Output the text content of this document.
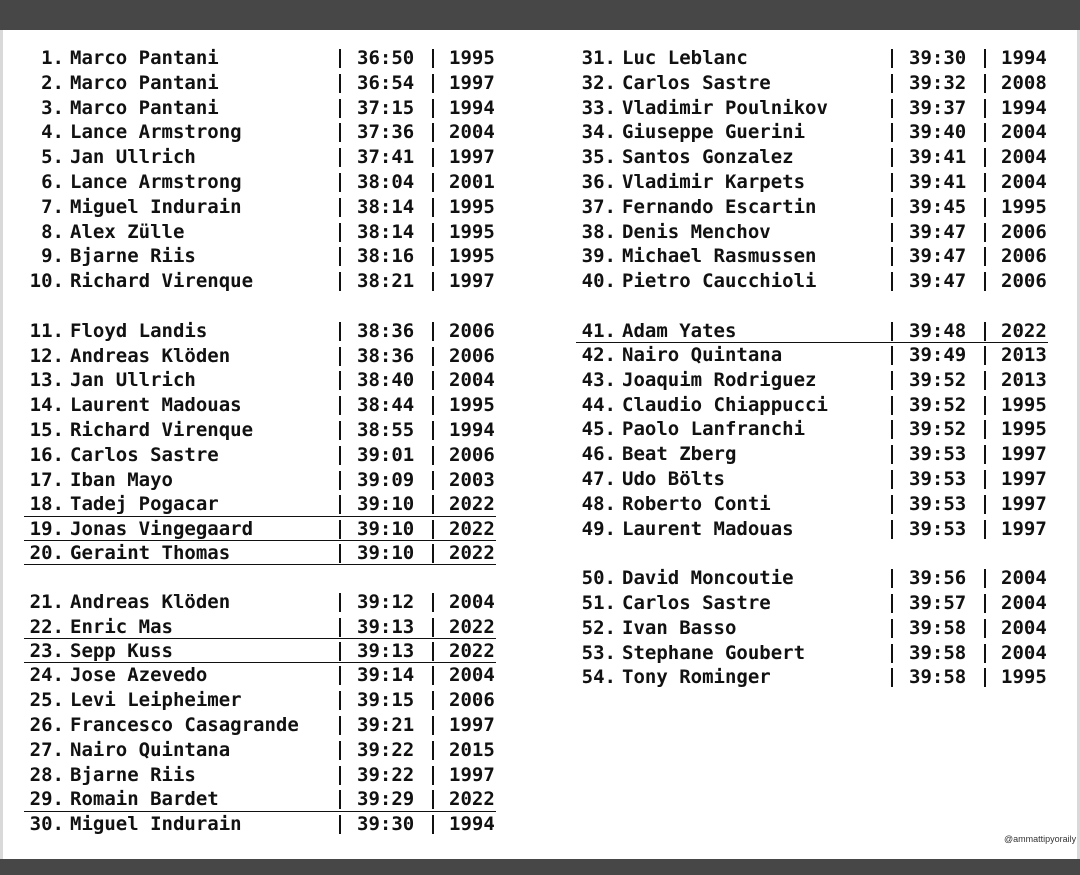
1. Marco Pantani	36:50 1995
2. Marco Pantani	36:54 1997
3. Marco Pantani	37:15 1994
4. Lance Armstrong	37:36 2004
5. Jan Ullrich	37:41 1997
6. Lance Armstrong	38:04 2001
7. Miguel Indurain	38:14 1995
8. Alex Zülle	38:14 1995
9. Bjarne Riis	38:16 1995
10. Richard Virenque	38:21 1997
11. Floyd Landis	38:36 2006
12. Andreas Klöden	38:36 2006
13. Jan Ullrich	38:40 2004
14. Laurent Madouas	38:44 1995
15. Richard Virenque	38:55 1994
16. Carlos Sastre	39:01 2006
17. Iban Mayo	39:09 2003
18. Tadej Pogacar	39:10 2022
19. Jonas Vingegaard	39:10 2022
20. Geraint Thomas	39:10 2022
21. Andreas Klöden	39:12 2004
22. Enric Mas	39:13 2022
23. Sepp Kuss	39:13 2022
24. Jose Azevedo	39:14 2004
25. Levi Leipheimer	39:15 2006
26. Francesco Casagrande	39:21 1997
27. Nairo Quintana	39:22 2015
28. Bjarne Riis	39:22 1997
29. Romain Bardet	39:29 2022
30. Miguel Indurain	39:30 1994
31. Luc Leblanc	39:30 1994
32. Carlos Sastre	39:32 2008
33. Vladimir Poulnikov	39:37 1994
34. Giuseppe Guerini	39:40 2004
35. Santos Gonzalez	39:41 2004
36. Vladimir Karpets	39:41 2004
37. Fernando Escartin	39:45 1995
38. Denis Menchov	39:47 2006
39. Michael Rasmussen	39:47 2006
40. Pietro Caucchioli	39:47 2006
41. Adam Yates	39:48 2022
42. Nairo Quintana	39:49 2013
43. Joaquim Rodriguez	39:52 2013
44. Claudio Chiappucci	39:52 1995
45. Paolo Lanfranchi	39:52 1995
46. Beat Zberg	39:53 1997
47. Udo Bölts	39:53 1997
48. Roberto Conti	39:53 1997
49. Laurent Madouas	39:53 1997
50. David Moncoutie	39:56 2004
51. Carlos Sastre	39:57 2004
52. Ivan Basso	39:58 2004
53. Stephane Goubert	39:58 2004
54. Tony Rominger	39:58 1995
@ammattipyoraily
